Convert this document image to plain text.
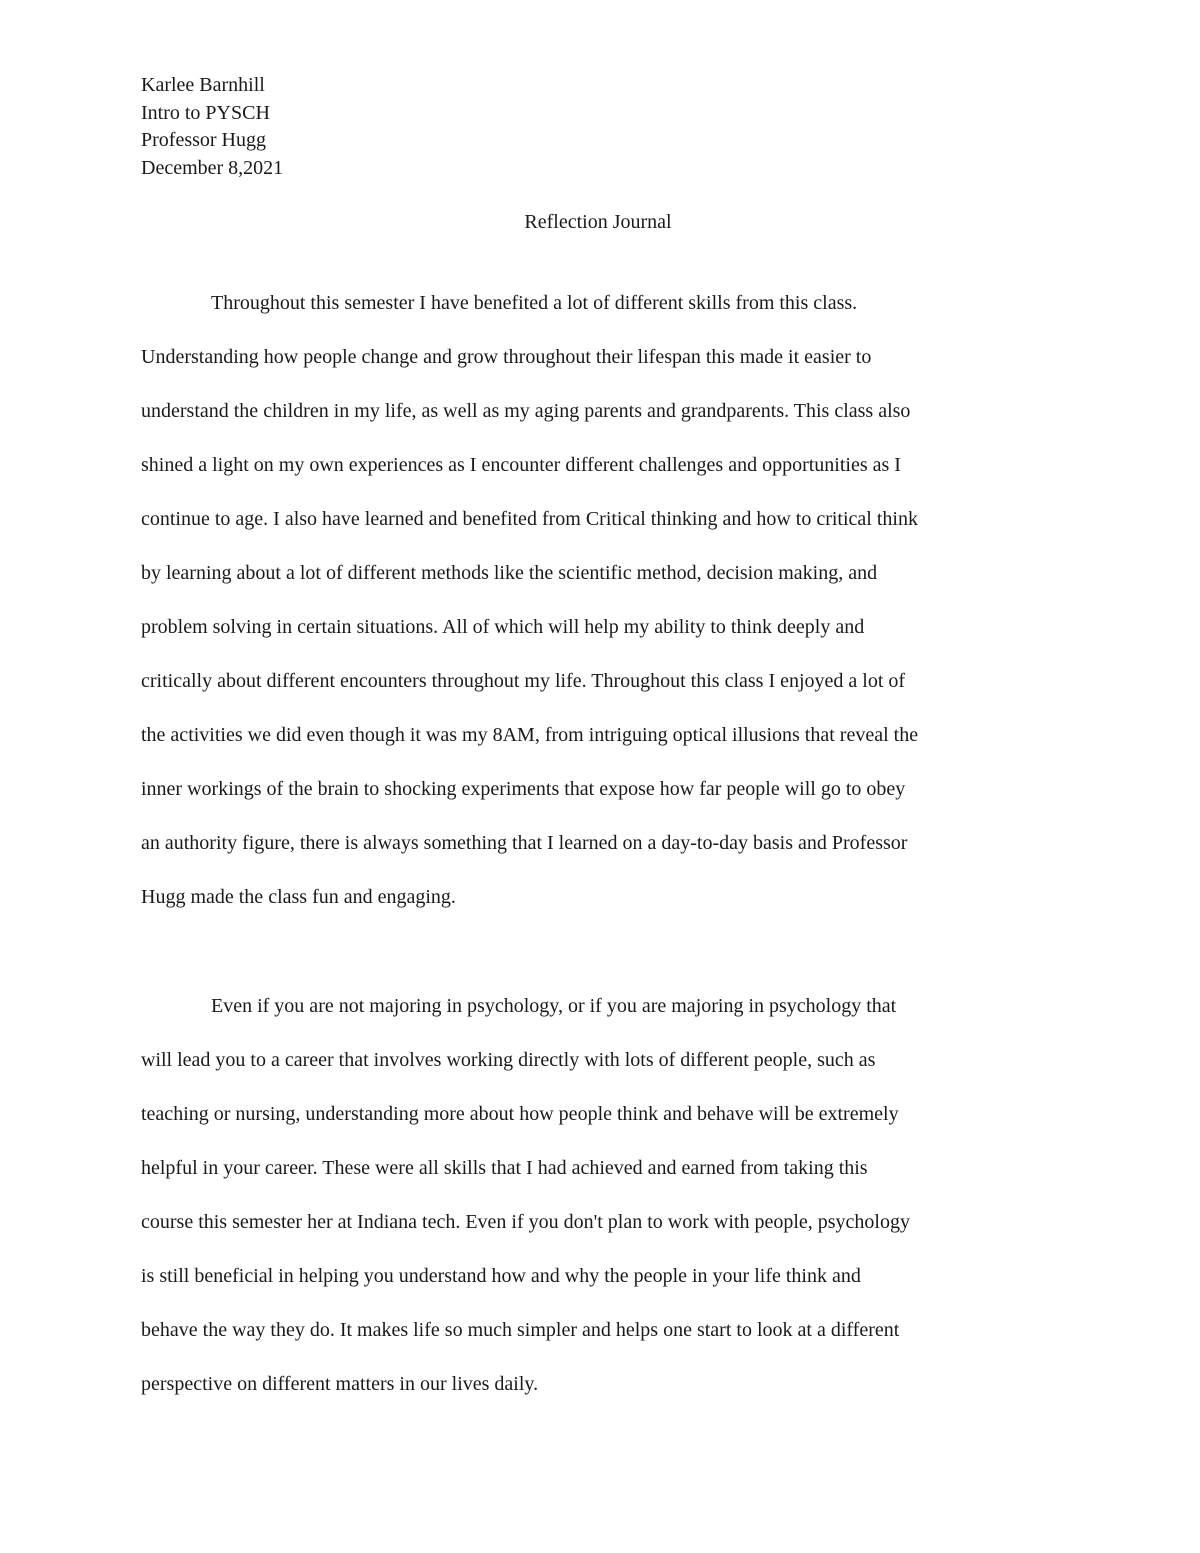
Karlee Barnhill
Intro to PYSCH
Professor Hugg
December 8,2021
Reflection Journal
Throughout this semester I have benefited a lot of different skills from this class.
Understanding how people change and grow throughout their lifespan this made it easier to
understand the children in my life, as well as my aging parents and grandparents. This class also
shined a light on my own experiences as I encounter different challenges and opportunities as I
continue to age. I also have learned and benefited from Critical thinking and how to critical think
by learning about a lot of different methods like the scientific method, decision making, and
problem solving in certain situations. All of which will help my ability to think deeply and
critically about different encounters throughout my life. Throughout this class I enjoyed a lot of
the activities we did even though it was my 8AM, from intriguing optical illusions that reveal the
inner workings of the brain to shocking experiments that expose how far people will go to obey
an authority figure, there is always something that I learned on a day-to-day basis and Professor
Hugg made the class fun and engaging.
Even if you are not majoring in psychology, or if you are majoring in psychology that
will lead you to a career that involves working directly with lots of different people, such as
teaching or nursing, understanding more about how people think and behave will be extremely
helpful in your career. These were all skills that I had achieved and earned from taking this
course this semester her at Indiana tech. Even if you don't plan to work with people, psychology
is still beneficial in helping you understand how and why the people in your life think and
behave the way they do. It makes life so much simpler and helps one start to look at a different
perspective on different matters in our lives daily.
